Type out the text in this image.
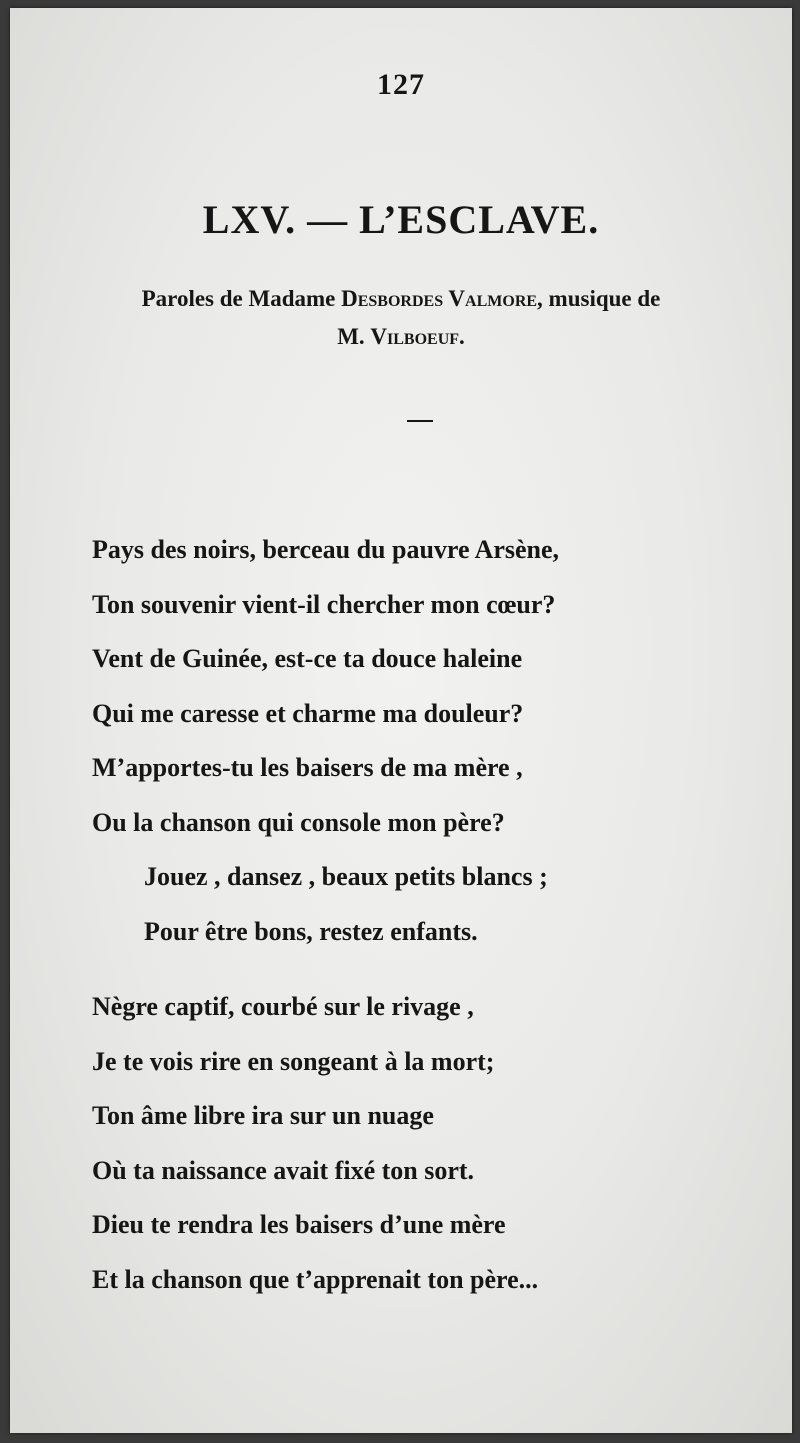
127
LXV. — L’ESCLAVE.
Paroles de Madame Desbordes Valmore, musique de
M. Vilboeuf.
Pays des noirs, berceau du pauvre Arsène,
Ton souvenir vient-il chercher mon cœur?
Vent de Guinée, est-ce ta douce haleine
Qui me caresse et charme ma douleur?
M’apportes-tu les baisers de ma mère ,
Ou la chanson qui console mon père?
Jouez , dansez , beaux petits blancs ;
Pour être bons, restez enfants.
Nègre captif, courbé sur le rivage ,
Je te vois rire en songeant à la mort;
Ton âme libre ira sur un nuage
Où ta naissance avait fixé ton sort.
Dieu te rendra les baisers d’une mère
Et la chanson que t’apprenait ton père...
